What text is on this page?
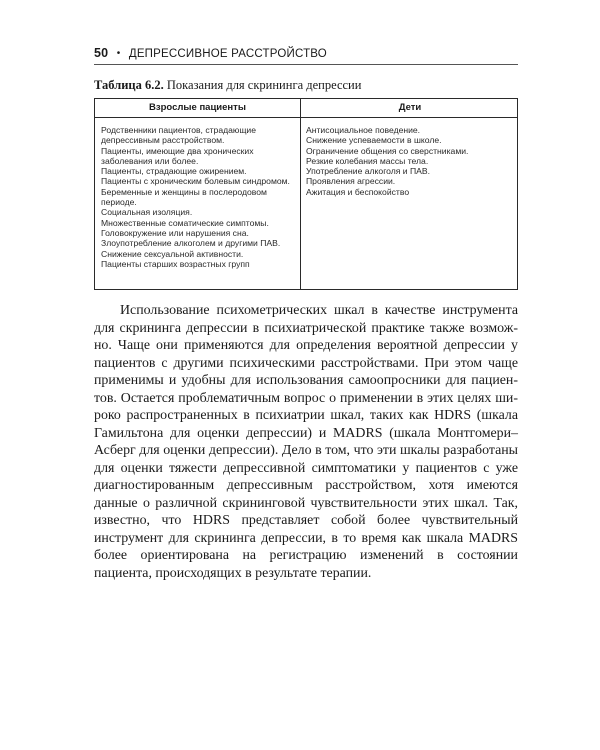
50 • ДЕПРЕССИВНОЕ РАССТРОЙСТВО
Таблица 6.2. Показания для скрининга депрессии
Взрослые пациенты	Дети

Родственники пациентов, страдающие депрессивным расстройством.

Пациенты, имеющие два хронических заболевания или более.

Пациенты, страдающие ожирением.

Пациенты с хроническим болевым синдромом.

Беременные и женщины в послеродовом периоде.

Социальная изоляция.

Множественные соматические симптомы.

Головокружение или нарушения сна.

Злоупотребление алкоголем и другими ПАВ.

Снижение сексуальной активности.

Пациенты старших возрастных групп

Антисоциальное поведение.

Снижение успеваемости в школе.

Ограничение общения со сверстниками.

Резкие колебания массы тела.

Употребление алкоголя и ПАВ.

Проявления агрессии.

Ажитация и беспокойство

Использование психометрических шкал в качестве инструмента для скрининга депрессии в психиатрической практике также возможно. Чаще они применяются для определения вероятной депрессии у пациентов с другими психическими расстройствами. При этом чаще применимы и удобны для использования самоопросники для пациентов. Остается проблематичным вопрос о применении в этих целях широко распространенных в психиатрии шкал, таких как HDRS (шкала Гамильтона для оценки депрессии) и MADRS (шкала Монтгомери–Асберг для оценки депрессии). Дело в том, что эти шкалы разработаны для оценки тяжести депрессивной симптоматики у пациентов с уже диагностированным депрессивным расстройством, хотя имеются данные о различной скрининговой чувствительности этих шкал. Так, известно, что HDRS представляет собой более чувствительный инструмент для скрининга депрессии, в то время как шкала MADRS более ориентирована на регистрацию изменений в состоянии пациента, происходящих в результате терапии.
